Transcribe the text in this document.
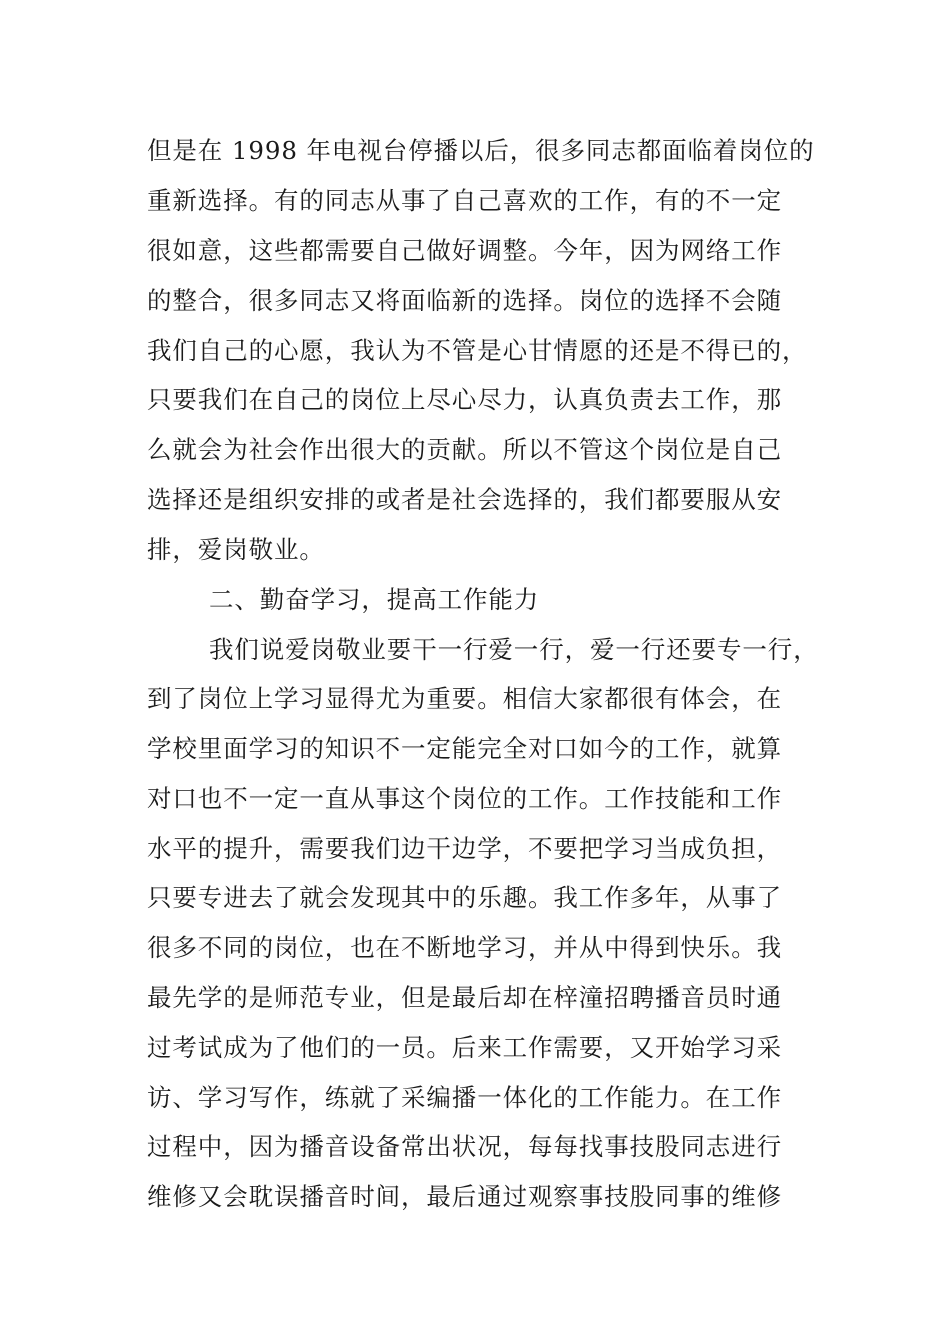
但是在 1998 年电视台停播以后，很多同志都面临着岗位的
重新选择。有的同志从事了自己喜欢的工作，有的不一定
很如意，这些都需要自己做好调整。今年，因为网络工作
的整合，很多同志又将面临新的选择。岗位的选择不会随
我们自己的心愿，我认为不管是心甘情愿的还是不得已的，
只要我们在自己的岗位上尽心尽力，认真负责去工作，那
么就会为社会作出很大的贡献。所以不管这个岗位是自己
选择还是组织安排的或者是社会选择的，我们都要服从安
排，爱岗敬业。
二、勤奋学习，提高工作能力
我们说爱岗敬业要干一行爱一行，爱一行还要专一行，
到了岗位上学习显得尤为重要。相信大家都很有体会，在
学校里面学习的知识不一定能完全对口如今的工作，就算
对口也不一定一直从事这个岗位的工作。工作技能和工作
水平的提升，需要我们边干边学，不要把学习当成负担，
只要专进去了就会发现其中的乐趣。我工作多年，从事了
很多不同的岗位，也在不断地学习，并从中得到快乐。我
最先学的是师范专业，但是最后却在梓潼招聘播音员时通
过考试成为了他们的一员。后来工作需要，又开始学习采
访、学习写作，练就了采编播一体化的工作能力。在工作
过程中，因为播音设备常出状况，每每找事技股同志进行
维修又会耽误播音时间，最后通过观察事技股同事的维修
